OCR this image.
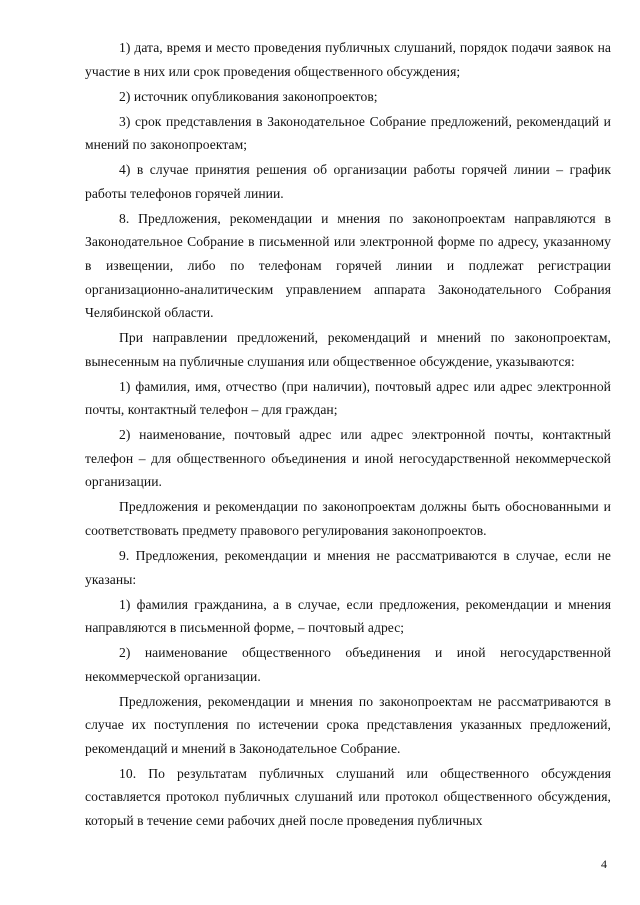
1) дата, время и место проведения публичных слушаний, порядок подачи заявок на участие в них или срок проведения общественного обсуждения;

2) источник опубликования законопроектов;

3) срок представления в Законодательное Собрание предложений, рекомендаций и мнений по законопроектам;

4) в случае принятия решения об организации работы горячей линии – график работы телефонов горячей линии.

8. Предложения, рекомендации и мнения по законопроектам направляются в Законодательное Собрание в письменной или электронной форме по адресу, указанному в извещении, либо по телефонам горячей линии и подлежат регистрации организационно-аналитическим управлением аппарата Законодательного Собрания Челябинской области.

При направлении предложений, рекомендаций и мнений по законопроектам, вынесенным на публичные слушания или общественное обсуждение, указываются:

1) фамилия, имя, отчество (при наличии), почтовый адрес или адрес электронной почты, контактный телефон – для граждан;

2) наименование, почтовый адрес или адрес электронной почты, контактный телефон – для общественного объединения и иной негосударственной некоммерческой организации.

Предложения и рекомендации по законопроектам должны быть обоснованными и соответствовать предмету правового регулирования законопроектов.

9. Предложения, рекомендации и мнения не рассматриваются в случае, если не указаны:

1) фамилия гражданина, а в случае, если предложения, рекомендации и мнения направляются в письменной форме, – почтовый адрес;

2) наименование общественного объединения и иной негосударственной некоммерческой организации.

Предложения, рекомендации и мнения по законопроектам не рассматриваются в случае их поступления по истечении срока представления указанных предложений, рекомендаций и мнений в Законодательное Собрание.

10. По результатам публичных слушаний или общественного обсуждения составляется протокол публичных слушаний или протокол общественного обсуждения, который в течение семи рабочих дней после проведения публичных

4
